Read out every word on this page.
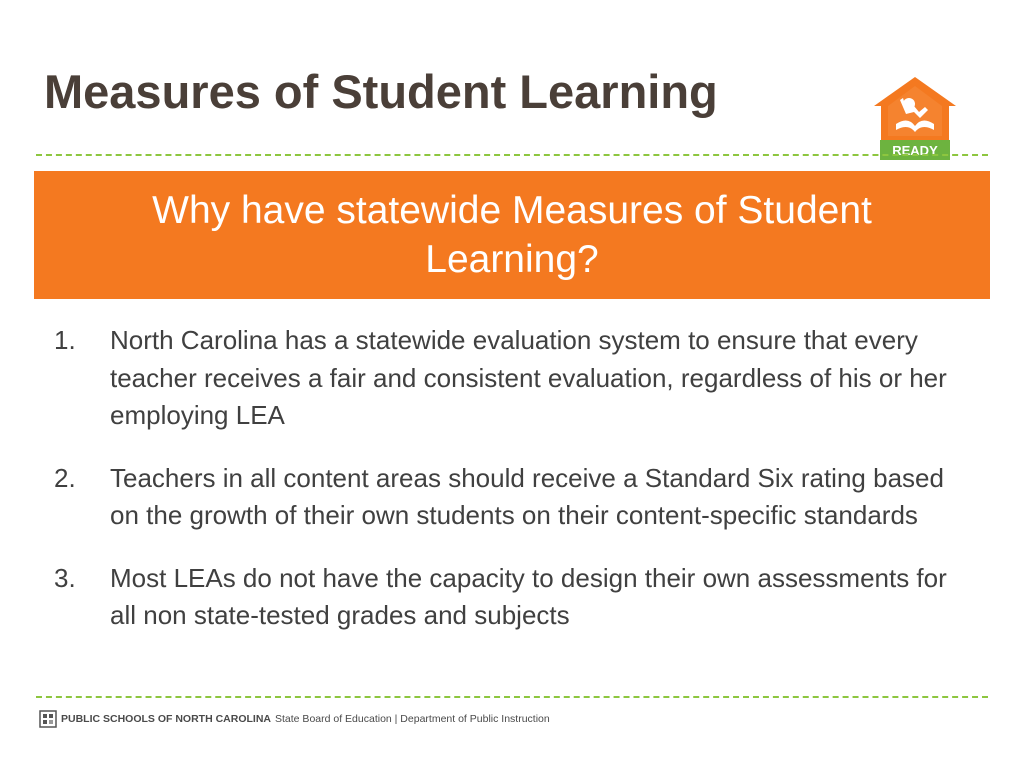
Measures of Student Learning
READY
Why have statewide Measures of Student Learning?
1.	North Carolina has a statewide evaluation system to ensure that every teacher receives a fair and consistent evaluation, regardless of his or her employing LEA
2.	Teachers in all content areas should receive a Standard Six rating based on the growth of their own students on their content-specific standards
3.	Most LEAs do not have the capacity to design their own assessments for all non state-tested grades and subjects
PUBLIC SCHOOLS OF NORTH CAROLINA State Board of Education | Department of Public Instruction
